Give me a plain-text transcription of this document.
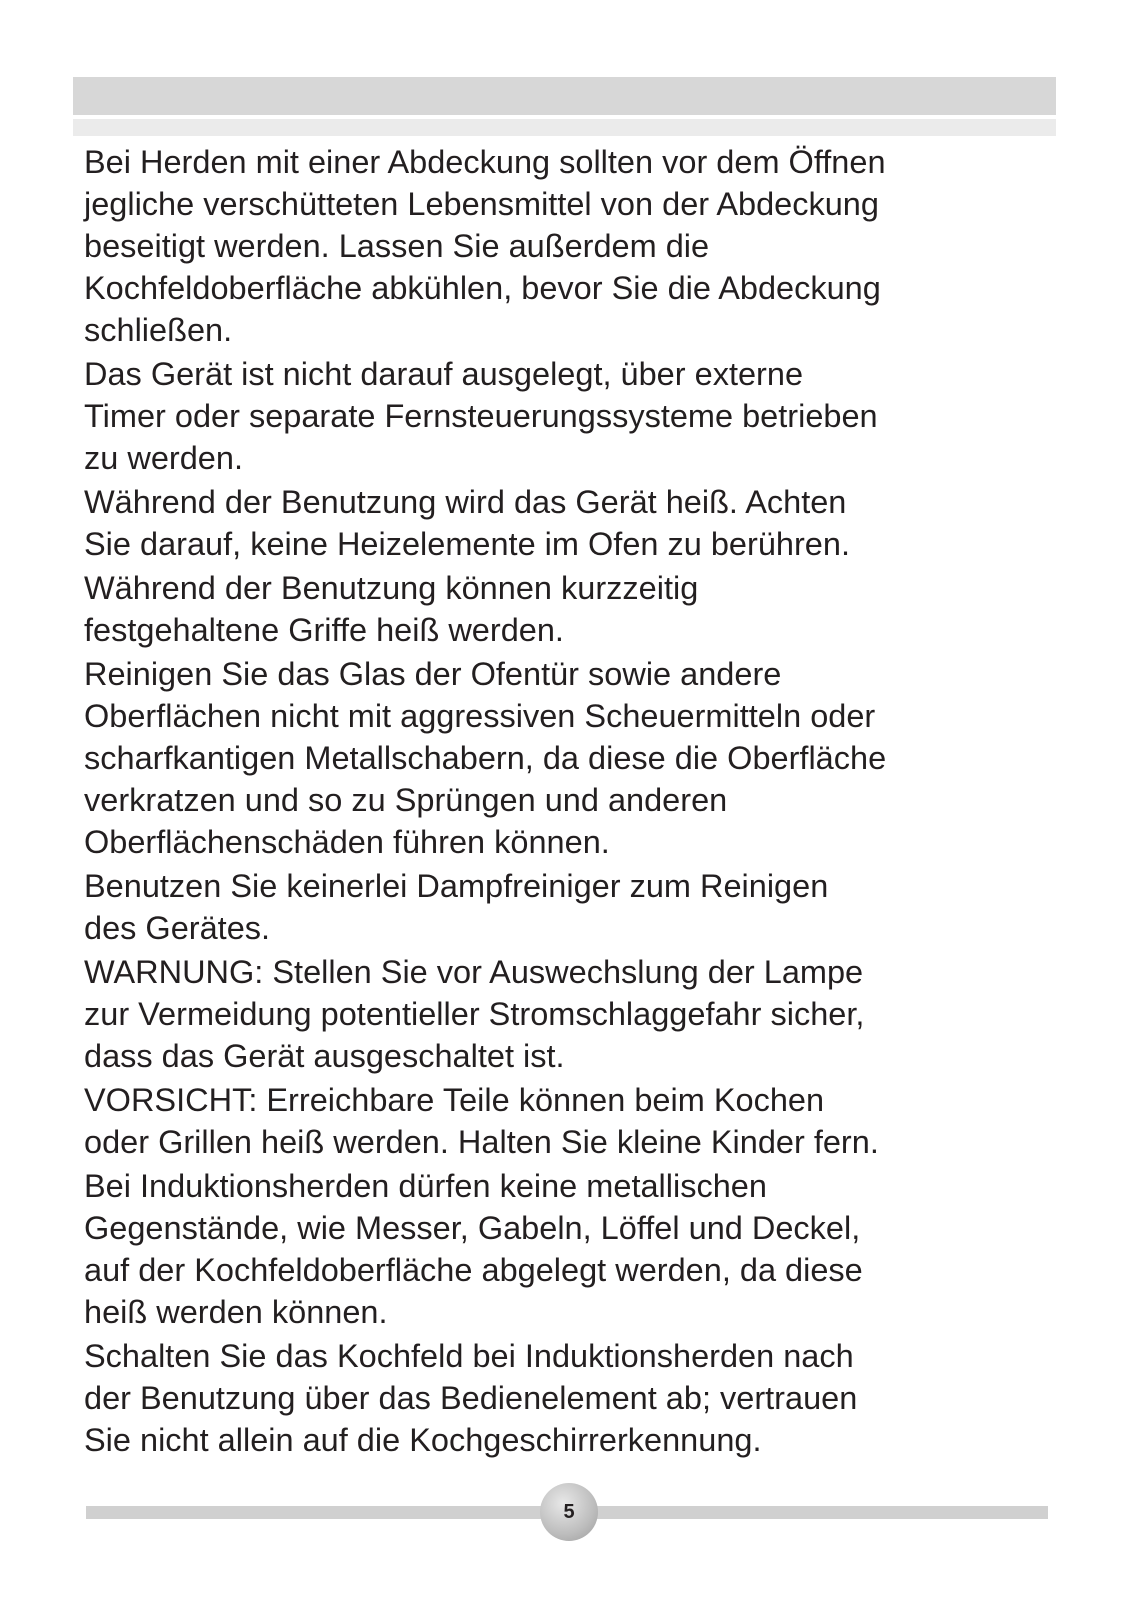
Bei Herden mit einer Abdeckung sollten vor dem Öffnen
jegliche verschütteten Lebensmittel von der Abdeckung
beseitigt werden. Lassen Sie außerdem die
Kochfeldoberfläche abkühlen, bevor Sie die Abdeckung
schließen.

Das Gerät ist nicht darauf ausgelegt, über externe
Timer oder separate Fernsteuerungssysteme betrieben
zu werden.

Während der Benutzung wird das Gerät heiß. Achten
Sie darauf, keine Heizelemente im Ofen zu berühren.

Während der Benutzung können kurzzeitig
festgehaltene Griffe heiß werden.

Reinigen Sie das Glas der Ofentür sowie andere
Oberflächen nicht mit aggressiven Scheuermitteln oder
scharfkantigen Metallschabern, da diese die Oberfläche
verkratzen und so zu Sprüngen und anderen
Oberflächenschäden führen können.

Benutzen Sie keinerlei Dampfreiniger zum Reinigen
des Gerätes.

WARNUNG: Stellen Sie vor Auswechslung der Lampe
zur Vermeidung potentieller Stromschlaggefahr sicher,
dass das Gerät ausgeschaltet ist.

VORSICHT: Erreichbare Teile können beim Kochen
oder Grillen heiß werden. Halten Sie kleine Kinder fern.

Bei Induktionsherden dürfen keine metallischen
Gegenstände, wie Messer, Gabeln, Löffel und Deckel,
auf der Kochfeldoberfläche abgelegt werden, da diese
heiß werden können.

Schalten Sie das Kochfeld bei Induktionsherden nach
der Benutzung über das Bedienelement ab; vertrauen
Sie nicht allein auf die Kochgeschirrerkennung.

5
